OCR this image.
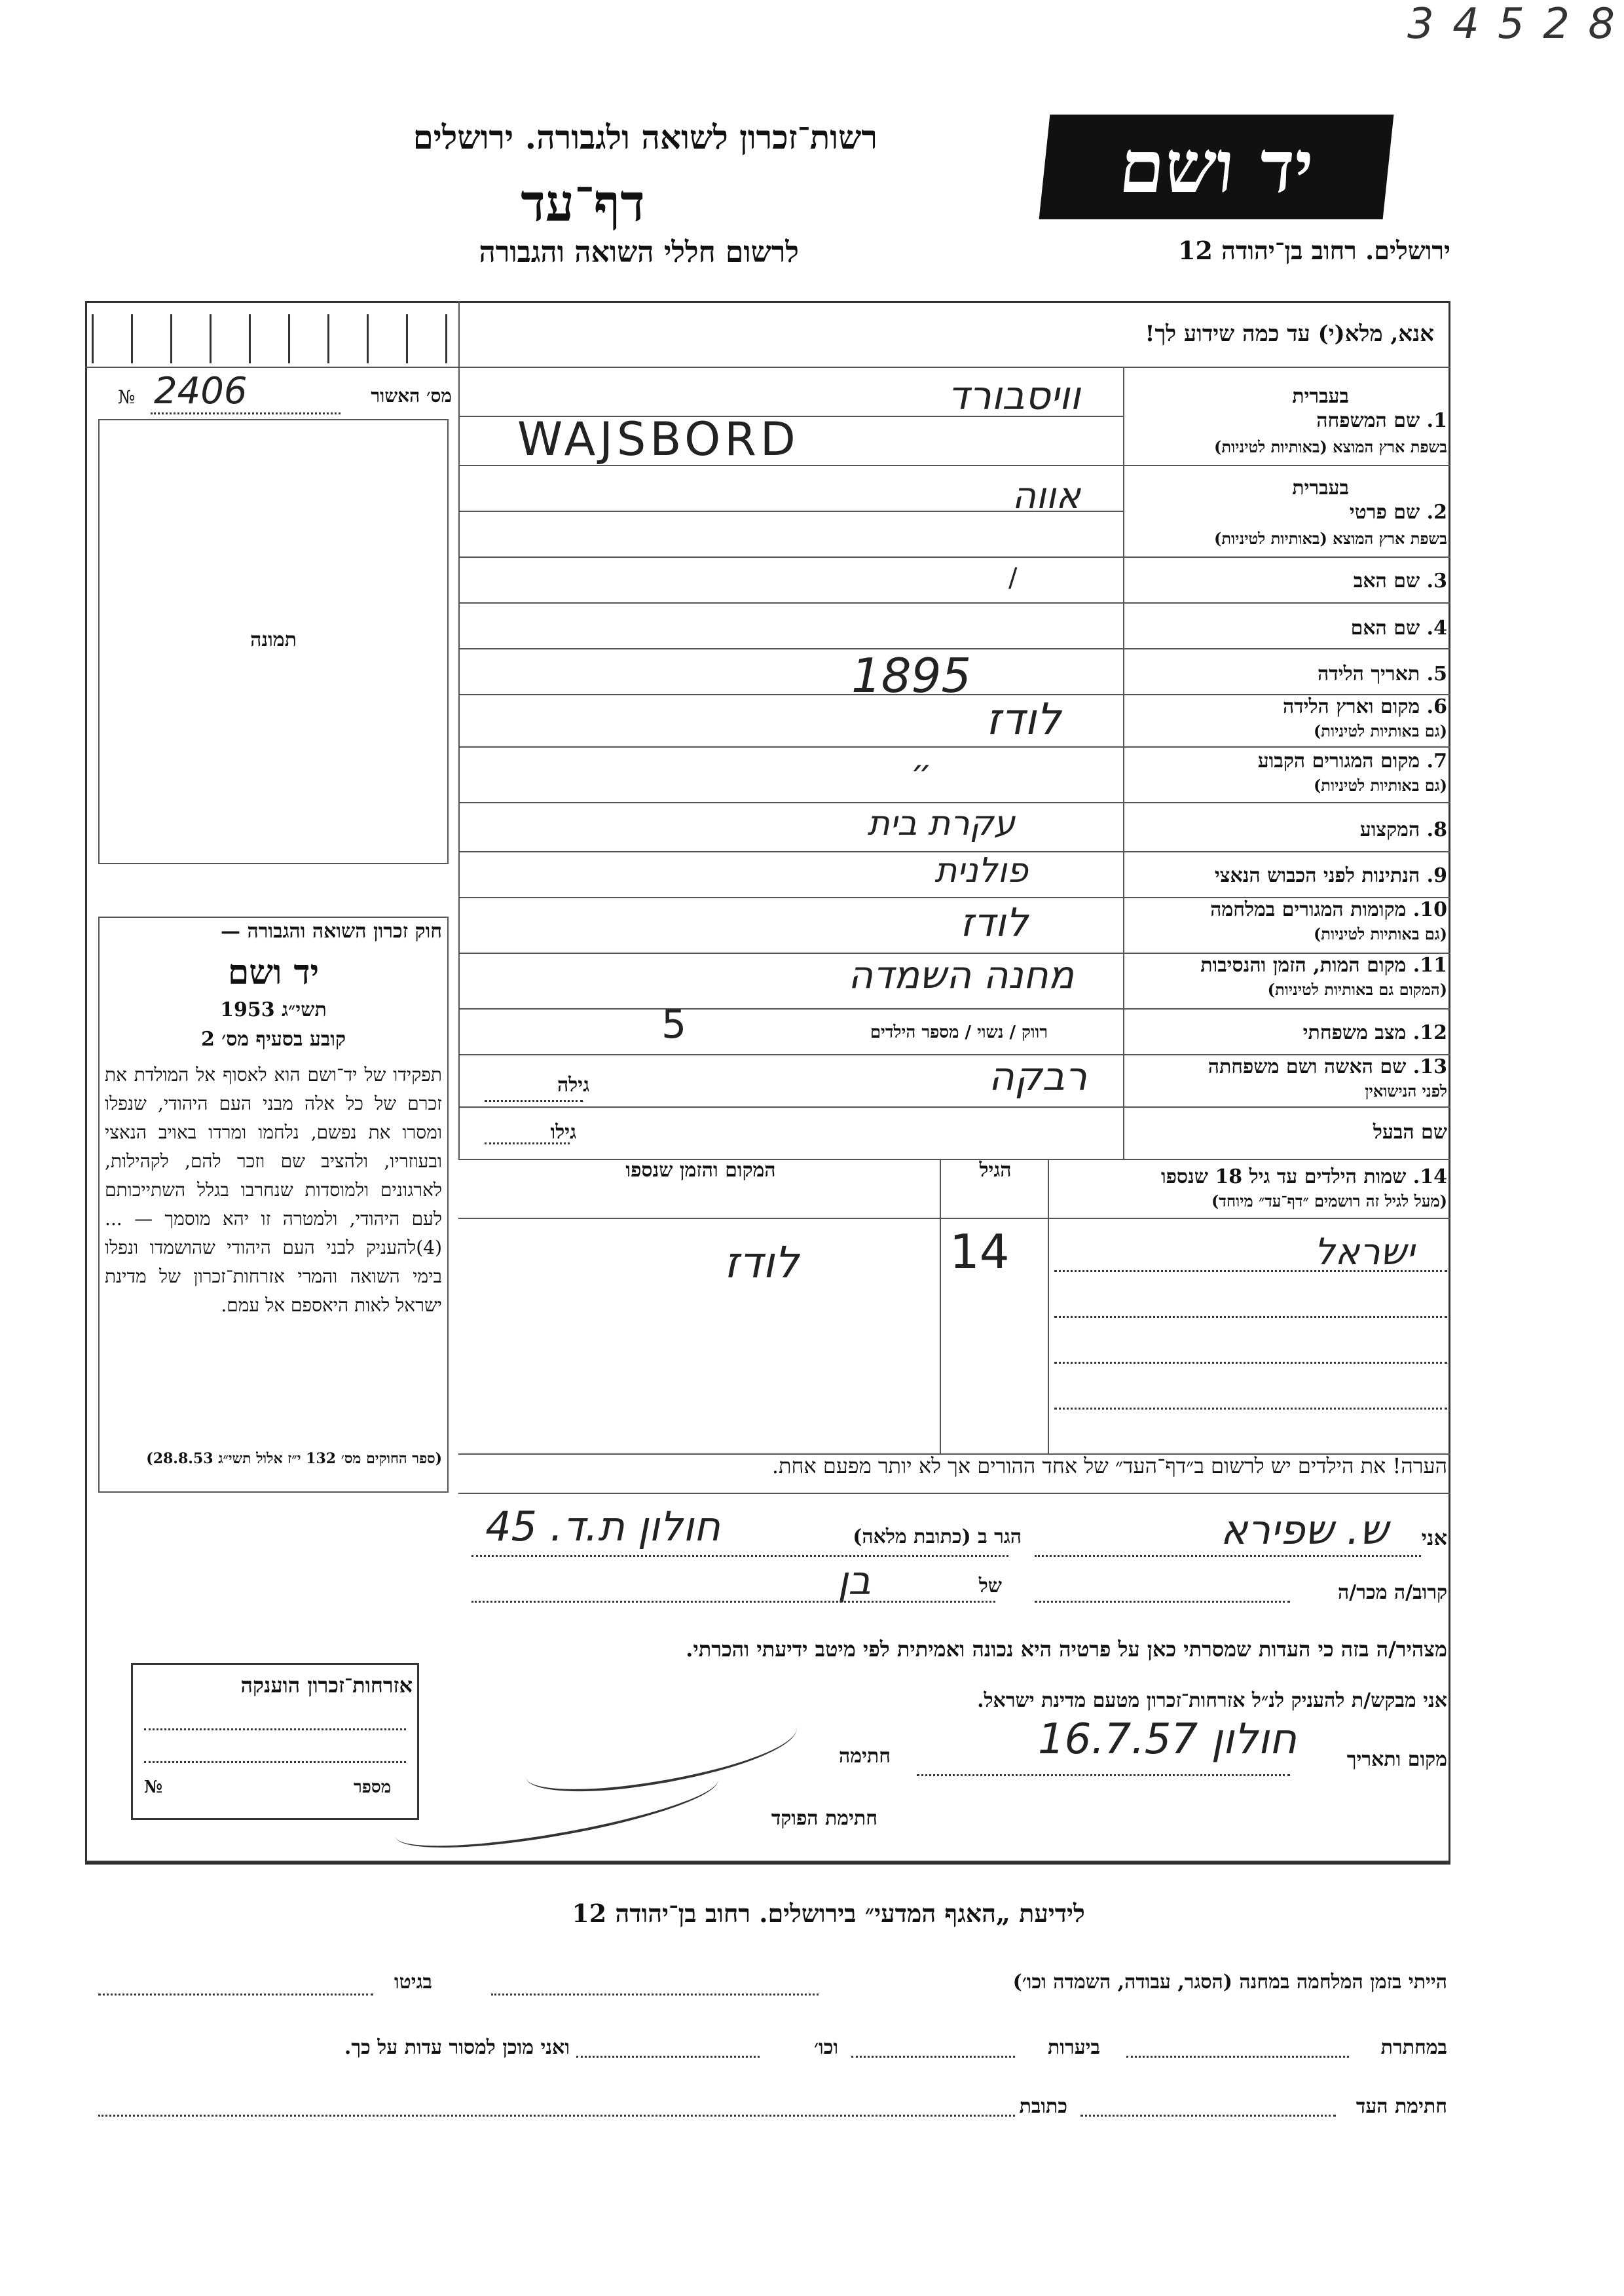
3 4 5 2 8
רשות־זכרון לשואה ולגבורה. ירושלים
דף־עד
לרשום חללי השואה והגבורה
יד ושם
ירושלים. רחוב בן־יהודה 12
אנא, מלא(י) עד כמה שידוע לך!
מס׳ האשור
№ 2406
תמונה
חוק זכרון השואה והגבורה —
יד ושם
תשי״ג 1953
קובע בסעיף מס׳ 2
תפקידו של יד־ושם הוא לאסוף אל המולדת את זכרם של כל אלה מבני העם היהודי, שנפלו ומסרו את נפשם, נלחמו ומרדו באויב הנאצי ובעוזריו, ולהציב שם וזכר להם, לקהילות, לארגונים ולמוסדות שנחרבו בגלל השתייכותם לעם היהודי, ולמטרה זו יהא מוסמך — ...(4)להעניק לבני העם היהודי שהושמדו ונפלו בימי השואה והמרי אזרחות־זכרון של מדינת ישראל לאות היאספם אל עמם.
(ספר החוקים מס׳ 132 י״ז אלול תשי״ג 28.8.53)
בעברית
1. שם המשפחה
בשפת ארץ המוצא (באותיות לטיניות)
וויסבורד
WAJSBORD
בעברית
2. שם פרטי
בשפת ארץ המוצא (באותיות לטיניות)
אווה
3. שם האב
/
4. שם האם
5. תאריך הלידה
1895
6. מקום וארץ הלידה
(גם באותיות לטיניות)
לודז
7. מקום המגורים הקבוע
(גם באותיות לטיניות)
״
8. המקצוע
עקרת בית
9. הנתינות לפני הכבוש הנאצי
פולנית
10. מקומות המגורים במלחמה
(גם באותיות לטיניות)
לודז
11. מקום המות, הזמן והנסיבות
(המקום גם באותיות לטיניות)
מחנה השמדה
12. מצב משפחתי
רווק / נשוי / מספר הילדים
5
13. שם האשה ושם משפחתה
לפני הנישואין
גילה	רבקה
שם הבעל
גילו
14. שמות הילדים עד גיל 18 שנספו
(מעל לגיל זה רושמים ״דף־עד״ מיוחד)
הגיל
המקום והזמן שנספו
ישראל
14
לודז
הערה! את הילדים יש לרשום ב״דף־העד״ של אחד ההורים אך לא יותר מפעם אחת.
אני
ש. שפירא
הגר ב (כתובת מלאה)
חולון ת.ד. 45
קרוב/ה מכר/ה
של
בן
מצהיר/ה בזה כי העדות שמסרתי כאן על פרטיה היא נכונה ואמיתית לפי מיטב ידיעתי והכרתי.
אני מבקש/ת להעניק לנ״ל אזרחות־זכרון מטעם מדינת ישראל.
מקום ותאריך
חולון 16.7.57
חתימה
חתימת הפוקד
אזרחות־זכרון הוענקה
№	מספר
לידיעת „האגף המדעי״ בירושלים. רחוב בן־יהודה 12
הייתי בזמן המלחמה במחנה (הסגר, עבודה, השמדה וכו׳)
בגיטו
במחתרת
ביערות
וכו׳
ואני מוכן למסור עדות על כך.
חתימת העד
כתובת
